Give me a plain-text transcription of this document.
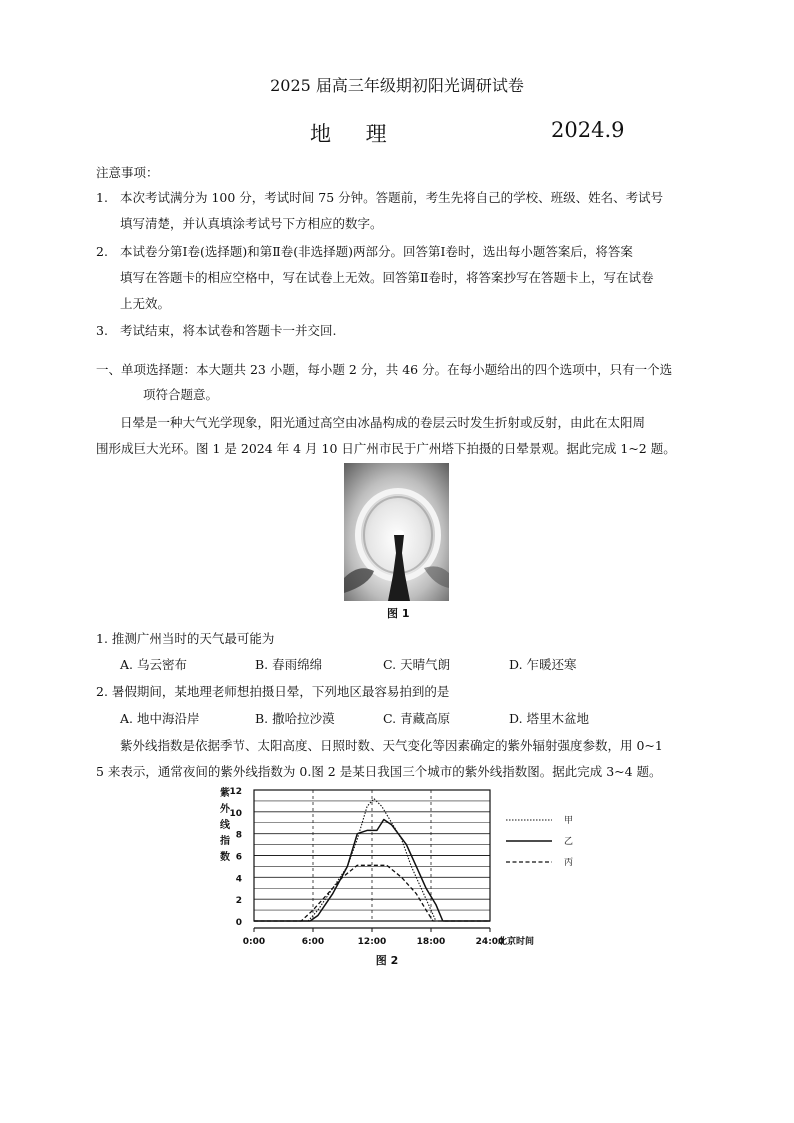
2025 届高三年级期初阳光调研试卷
地 理	2024.9
注意事项：
1. 本次考试满分为 100 分，考试时间 75 分钟。答题前，考生先将自己的学校、班级、姓名、考试号
填写清楚，并认真填涂考试号下方相应的数字。
2. 本试卷分第Ⅰ卷(选择题)和第Ⅱ卷(非选择题)两部分。回答第Ⅰ卷时，选出每小题答案后，将答案
填写在答题卡的相应空格中，写在试卷上无效。回答第Ⅱ卷时，将答案抄写在答题卡上，写在试卷
上无效。
3. 考试结束，将本试卷和答题卡一并交回.
一、单项选择题：本大题共 23 小题，每小题 2 分，共 46 分。在每小题给出的四个选项中，只有一个选
项符合题意。
日晕是一种大气光学现象，阳光通过高空由冰晶构成的卷层云时发生折射或反射，由此在太阳周
围形成巨大光环。图 1 是 2024 年 4 月 10 日广州市民于广州塔下拍摄的日晕景观。据此完成 1~2 题。
图 1
1. 推测广州当时的天气最可能为
A. 乌云密布	B. 春雨绵绵	C. 天晴气朗	D. 乍暖还寒
2. 暑假期间，某地理老师想拍摄日晕，下列地区最容易拍到的是
A. 地中海沿岸	B. 撒哈拉沙漠	C. 青藏高原	D. 塔里木盆地
紫外线指数是依据季节、太阳高度、日照时数、天气变化等因素确定的紫外辐射强度参数，用 0~1
5 来表示，通常夜间的紫外线指数为 0.图 2 是某日我国三个城市的紫外线指数图。据此完成 3~4 题。
0:00	6:00	12:00	18:00	24:00
北京时间
0
2
4
6
8
10
12
紫
外
线
指
数
图 2
甲
乙
丙
